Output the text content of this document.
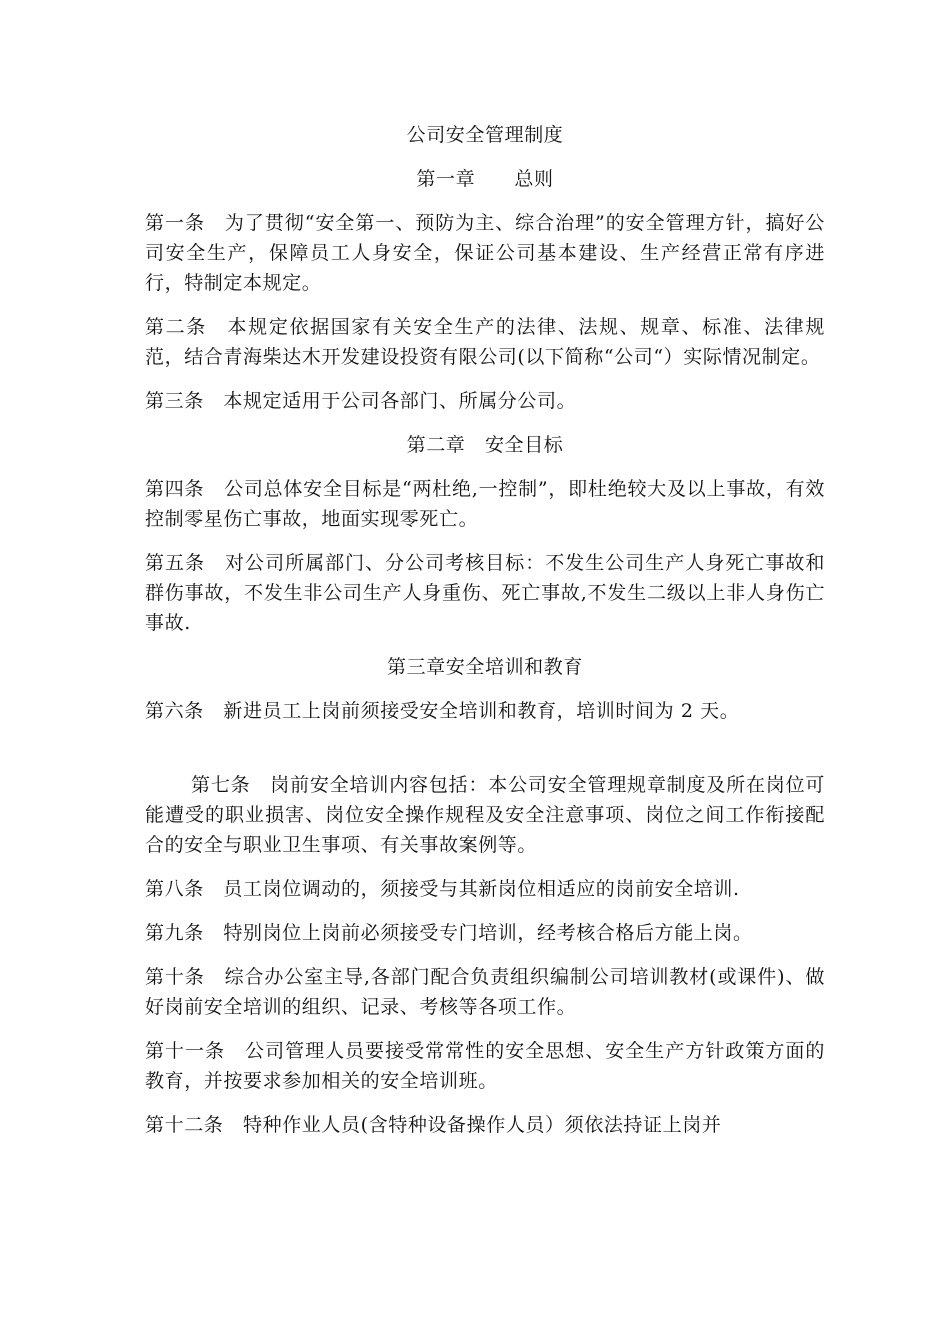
公司安全管理制度
第一章　　总则

第一条　为了贯彻“安全第一、预防为主、综合治理”的安全管理方针，搞好公司安全生产，保障员工人身安全，保证公司基本建设、生产经营正常有序进行，特制定本规定。

第二条　本规定依据国家有关安全生产的法律、法规、规章、标准、法律规范，结合青海柴达木开发建设投资有限公司(以下简称“公司“）实际情况制定。

第三条　本规定适用于公司各部门、所属分公司。

第二章　安全目标

第四条　公司总体安全目标是“两杜绝,一控制”，即杜绝较大及以上事故，有效控制零星伤亡事故，地面实现零死亡。

第五条　对公司所属部门、分公司考核目标：不发生公司生产人身死亡事故和群伤事故，不发生非公司生产人身重伤、死亡事故,不发生二级以上非人身伤亡事故.

第三章安全培训和教育

第六条　新进员工上岗前须接受安全培训和教育，培训时间为 2 天。

第七条　岗前安全培训内容包括：本公司安全管理规章制度及所在岗位可能遭受的职业损害、岗位安全操作规程及安全注意事项、岗位之间工作衔接配合的安全与职业卫生事项、有关事故案例等。

第八条　员工岗位调动的，须接受与其新岗位相适应的岗前安全培训.

第九条　特别岗位上岗前必须接受专门培训，经考核合格后方能上岗。

第十条　综合办公室主导,各部门配合负责组织编制公司培训教材(或课件)、做好岗前安全培训的组织、记录、考核等各项工作。

第十一条　公司管理人员要接受常常性的安全思想、安全生产方针政策方面的教育，并按要求参加相关的安全培训班。

第十二条　特种作业人员(含特种设备操作人员）须依法持证上岗并
